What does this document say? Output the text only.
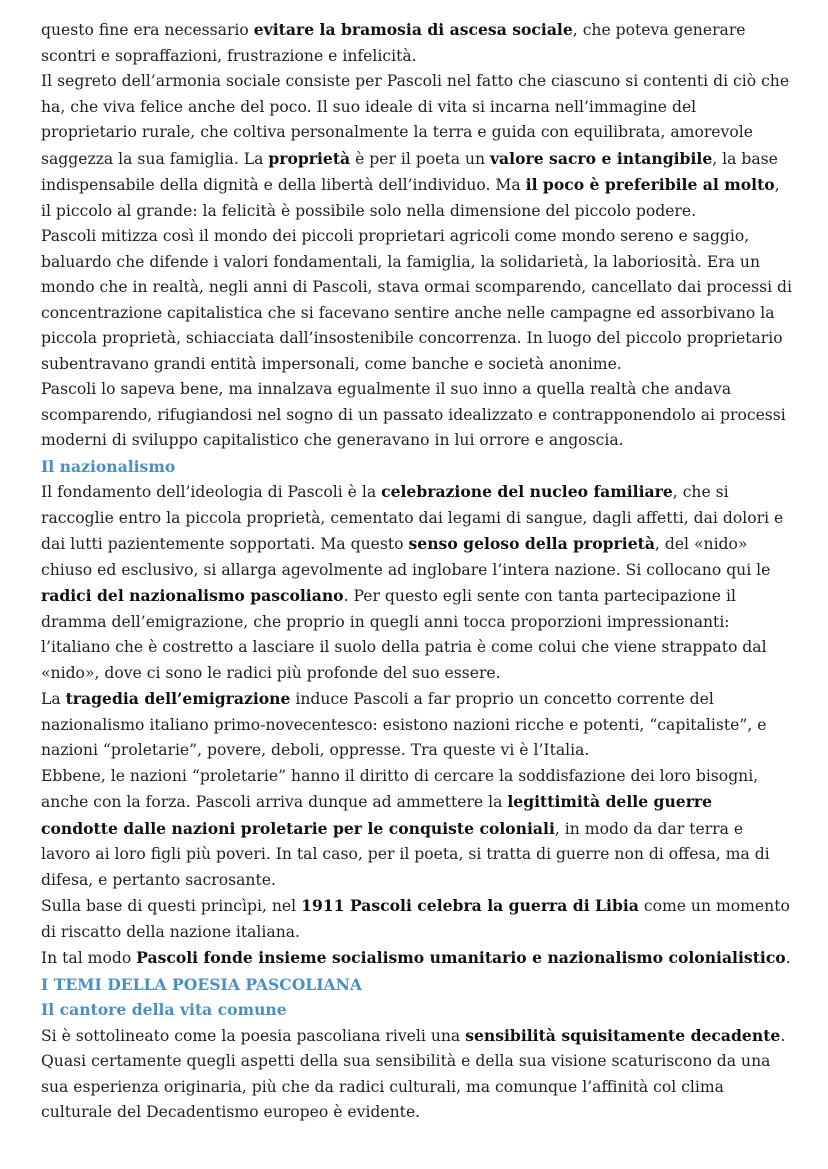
questo fine era necessario evitare la bramosia di ascesa sociale, che poteva generare scontri e sopraffazioni, frustrazione e infelicità.

Il segreto dell’armonia sociale consiste per Pascoli nel fatto che ciascuno si contenti di ciò che ha, che viva felice anche del poco. Il suo ideale di vita si incarna nell’immagine del proprietario rurale, che coltiva personalmente la terra e guida con equilibrata, amorevole saggezza la sua famiglia. La proprietà è per il poeta un valore sacro e intangibile, la base indispensabile della dignità e della libertà dell’individuo. Ma il poco è preferibile al molto, il piccolo al grande: la felicità è possibile solo nella dimensione del piccolo podere.

Pascoli mitizza così il mondo dei piccoli proprietari agricoli come mondo sereno e saggio, baluardo che difende i valori fondamentali, la famiglia, la solidarietà, la laboriosità. Era un mondo che in realtà, negli anni di Pascoli, stava ormai scomparendo, cancellato dai processi di concentrazione capitalistica che si facevano sentire anche nelle campagne ed assorbivano la piccola proprietà, schiacciata dall’insostenibile concorrenza. In luogo del piccolo proprietario subentravano grandi entità impersonali, come banche e società anonime.

Pascoli lo sapeva bene, ma innalzava egualmente il suo inno a quella realtà che andava scomparendo, rifugiandosi nel sogno di un passato idealizzato e contrapponendolo ai processi moderni di sviluppo capitalistico che generavano in lui orrore e angoscia.

Il nazionalismo

Il fondamento dell’ideologia di Pascoli è la celebrazione del nucleo familiare, che si raccoglie entro la piccola proprietà, cementato dai legami di sangue, dagli affetti, dai dolori e dai lutti pazientemente sopportati. Ma questo senso geloso della proprietà, del «nido» chiuso ed esclusivo, si allarga agevolmente ad inglobare l’intera nazione. Si collocano qui le radici del nazionalismo pascoliano. Per questo egli sente con tanta partecipazione il dramma dell’emigrazione, che proprio in quegli anni tocca proporzioni impressionanti: l’italiano che è costretto a lasciare il suolo della patria è come colui che viene strappato dal «nido», dove ci sono le radici più profonde del suo essere.

La tragedia dell’emigrazione induce Pascoli a far proprio un concetto corrente del nazionalismo italiano primo-novecentesco: esistono nazioni ricche e potenti, “capitaliste”, e nazioni “proletarie”, povere, deboli, oppresse. Tra queste vi è l’Italia.

Ebbene, le nazioni “proletarie” hanno il diritto di cercare la soddisfazione dei loro bisogni, anche con la forza. Pascoli arriva dunque ad ammettere la legittimità delle guerre condotte dalle nazioni proletarie per le conquiste coloniali, in modo da dar terra e lavoro ai loro figli più poveri. In tal caso, per il poeta, si tratta di guerre non di offesa, ma di difesa, e pertanto sacrosante.

Sulla base di questi princìpi, nel 1911 Pascoli celebra la guerra di Libia come un momento di riscatto della nazione italiana.

In tal modo Pascoli fonde insieme socialismo umanitario e nazionalismo colonialistico.

I TEMI DELLA POESIA PASCOLIANA

Il cantore della vita comune

Si è sottolineato come la poesia pascoliana riveli una sensibilità squisitamente decadente.

Quasi certamente quegli aspetti della sua sensibilità e della sua visione scaturiscono da una sua esperienza originaria, più che da radici culturali, ma comunque l’affinità col clima culturale del Decadentismo europeo è evidente.
